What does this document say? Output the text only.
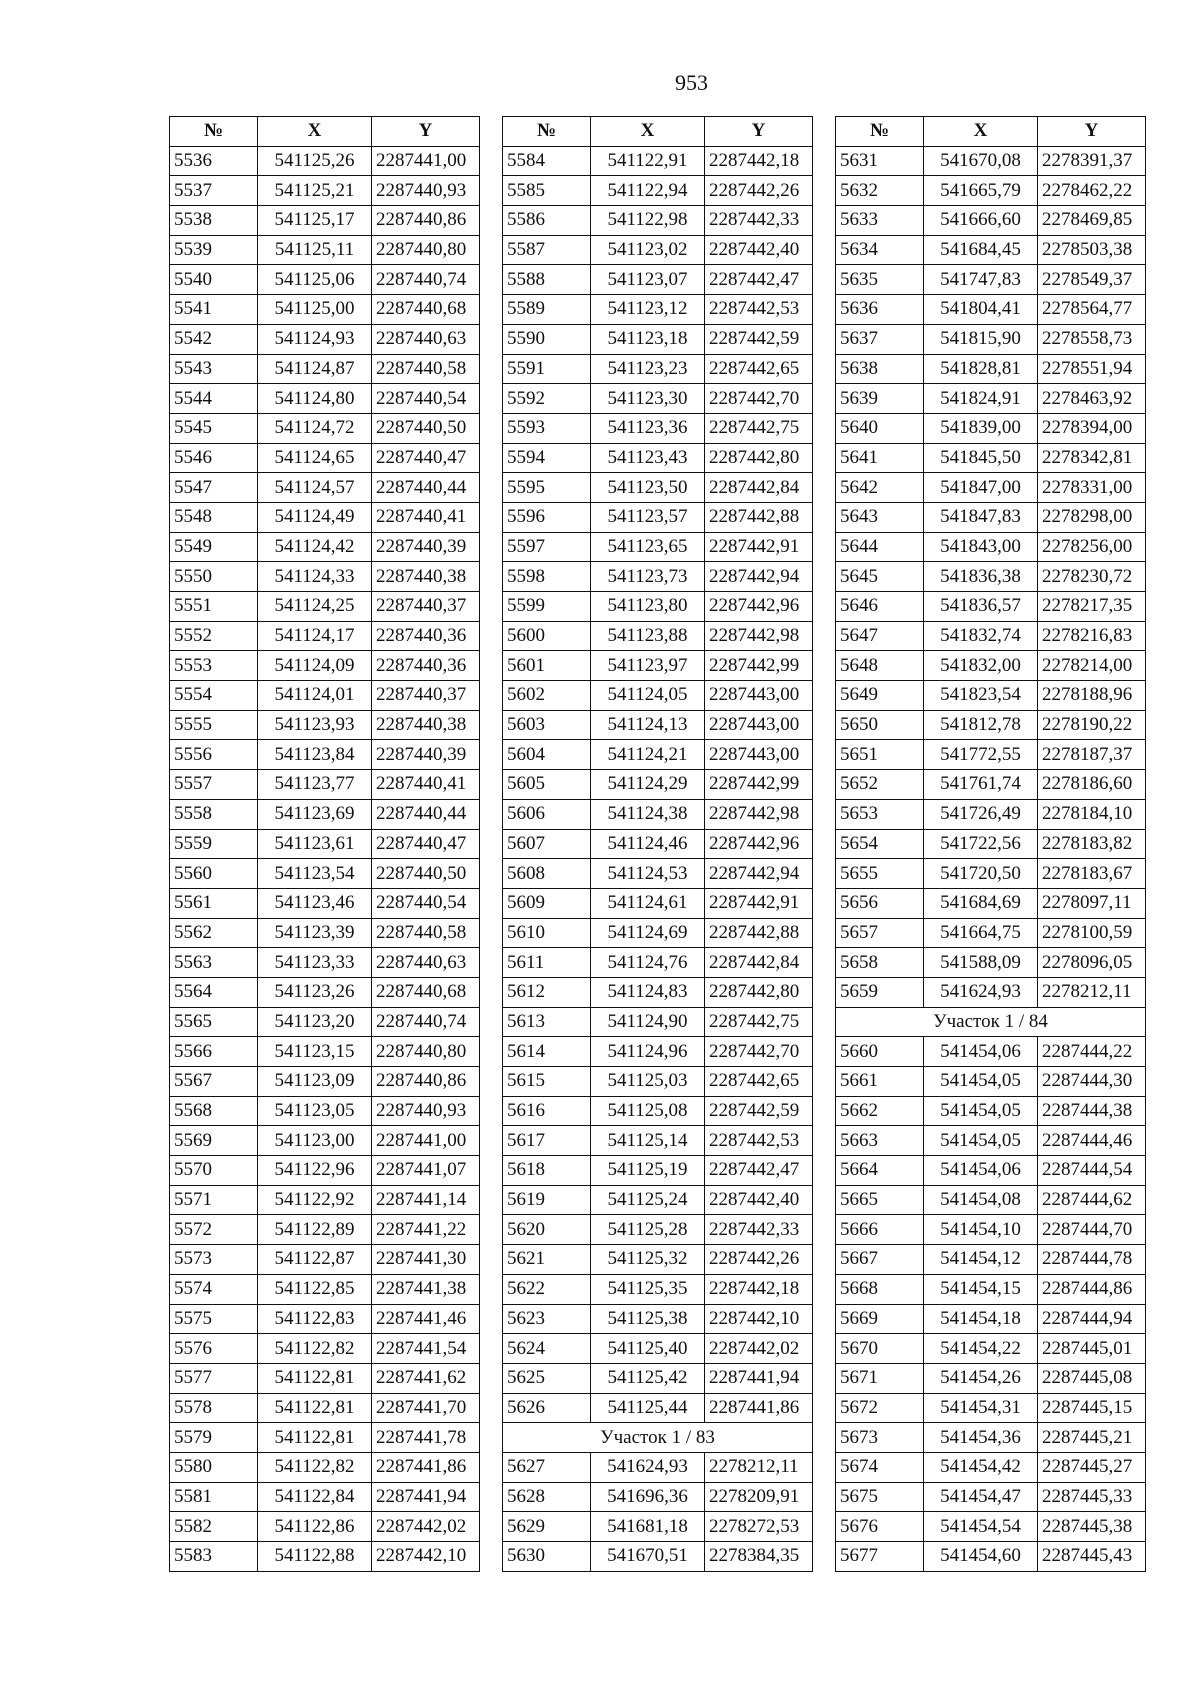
953
№	X	Y
5536	541125,26	2287441,00
5537	541125,21	2287440,93
5538	541125,17	2287440,86
5539	541125,11	2287440,80
5540	541125,06	2287440,74
5541	541125,00	2287440,68
5542	541124,93	2287440,63
5543	541124,87	2287440,58
5544	541124,80	2287440,54
5545	541124,72	2287440,50
5546	541124,65	2287440,47
5547	541124,57	2287440,44
5548	541124,49	2287440,41
5549	541124,42	2287440,39
5550	541124,33	2287440,38
5551	541124,25	2287440,37
5552	541124,17	2287440,36
5553	541124,09	2287440,36
5554	541124,01	2287440,37
5555	541123,93	2287440,38
5556	541123,84	2287440,39
5557	541123,77	2287440,41
5558	541123,69	2287440,44
5559	541123,61	2287440,47
5560	541123,54	2287440,50
5561	541123,46	2287440,54
5562	541123,39	2287440,58
5563	541123,33	2287440,63
5564	541123,26	2287440,68
5565	541123,20	2287440,74
5566	541123,15	2287440,80
5567	541123,09	2287440,86
5568	541123,05	2287440,93
5569	541123,00	2287441,00
5570	541122,96	2287441,07
5571	541122,92	2287441,14
5572	541122,89	2287441,22
5573	541122,87	2287441,30
5574	541122,85	2287441,38
5575	541122,83	2287441,46
5576	541122,82	2287441,54
5577	541122,81	2287441,62
5578	541122,81	2287441,70
5579	541122,81	2287441,78
5580	541122,82	2287441,86
5581	541122,84	2287441,94
5582	541122,86	2287442,02
5583	541122,88	2287442,10
№	X	Y
5584	541122,91	2287442,18
5585	541122,94	2287442,26
5586	541122,98	2287442,33
5587	541123,02	2287442,40
5588	541123,07	2287442,47
5589	541123,12	2287442,53
5590	541123,18	2287442,59
5591	541123,23	2287442,65
5592	541123,30	2287442,70
5593	541123,36	2287442,75
5594	541123,43	2287442,80
5595	541123,50	2287442,84
5596	541123,57	2287442,88
5597	541123,65	2287442,91
5598	541123,73	2287442,94
5599	541123,80	2287442,96
5600	541123,88	2287442,98
5601	541123,97	2287442,99
5602	541124,05	2287443,00
5603	541124,13	2287443,00
5604	541124,21	2287443,00
5605	541124,29	2287442,99
5606	541124,38	2287442,98
5607	541124,46	2287442,96
5608	541124,53	2287442,94
5609	541124,61	2287442,91
5610	541124,69	2287442,88
5611	541124,76	2287442,84
5612	541124,83	2287442,80
5613	541124,90	2287442,75
5614	541124,96	2287442,70
5615	541125,03	2287442,65
5616	541125,08	2287442,59
5617	541125,14	2287442,53
5618	541125,19	2287442,47
5619	541125,24	2287442,40
5620	541125,28	2287442,33
5621	541125,32	2287442,26
5622	541125,35	2287442,18
5623	541125,38	2287442,10
5624	541125,40	2287442,02
5625	541125,42	2287441,94
5626	541125,44	2287441,86
Участок 1 / 83		
5627	541624,93	2278212,11
5628	541696,36	2278209,91
5629	541681,18	2278272,53
5630	541670,51	2278384,35
№	X	Y
5631	541670,08	2278391,37
5632	541665,79	2278462,22
5633	541666,60	2278469,85
5634	541684,45	2278503,38
5635	541747,83	2278549,37
5636	541804,41	2278564,77
5637	541815,90	2278558,73
5638	541828,81	2278551,94
5639	541824,91	2278463,92
5640	541839,00	2278394,00
5641	541845,50	2278342,81
5642	541847,00	2278331,00
5643	541847,83	2278298,00
5644	541843,00	2278256,00
5645	541836,38	2278230,72
5646	541836,57	2278217,35
5647	541832,74	2278216,83
5648	541832,00	2278214,00
5649	541823,54	2278188,96
5650	541812,78	2278190,22
5651	541772,55	2278187,37
5652	541761,74	2278186,60
5653	541726,49	2278184,10
5654	541722,56	2278183,82
5655	541720,50	2278183,67
5656	541684,69	2278097,11
5657	541664,75	2278100,59
5658	541588,09	2278096,05
5659	541624,93	2278212,11
Участок 1 / 84		
5660	541454,06	2287444,22
5661	541454,05	2287444,30
5662	541454,05	2287444,38
5663	541454,05	2287444,46
5664	541454,06	2287444,54
5665	541454,08	2287444,62
5666	541454,10	2287444,70
5667	541454,12	2287444,78
5668	541454,15	2287444,86
5669	541454,18	2287444,94
5670	541454,22	2287445,01
5671	541454,26	2287445,08
5672	541454,31	2287445,15
5673	541454,36	2287445,21
5674	541454,42	2287445,27
5675	541454,47	2287445,33
5676	541454,54	2287445,38
5677	541454,60	2287445,43
